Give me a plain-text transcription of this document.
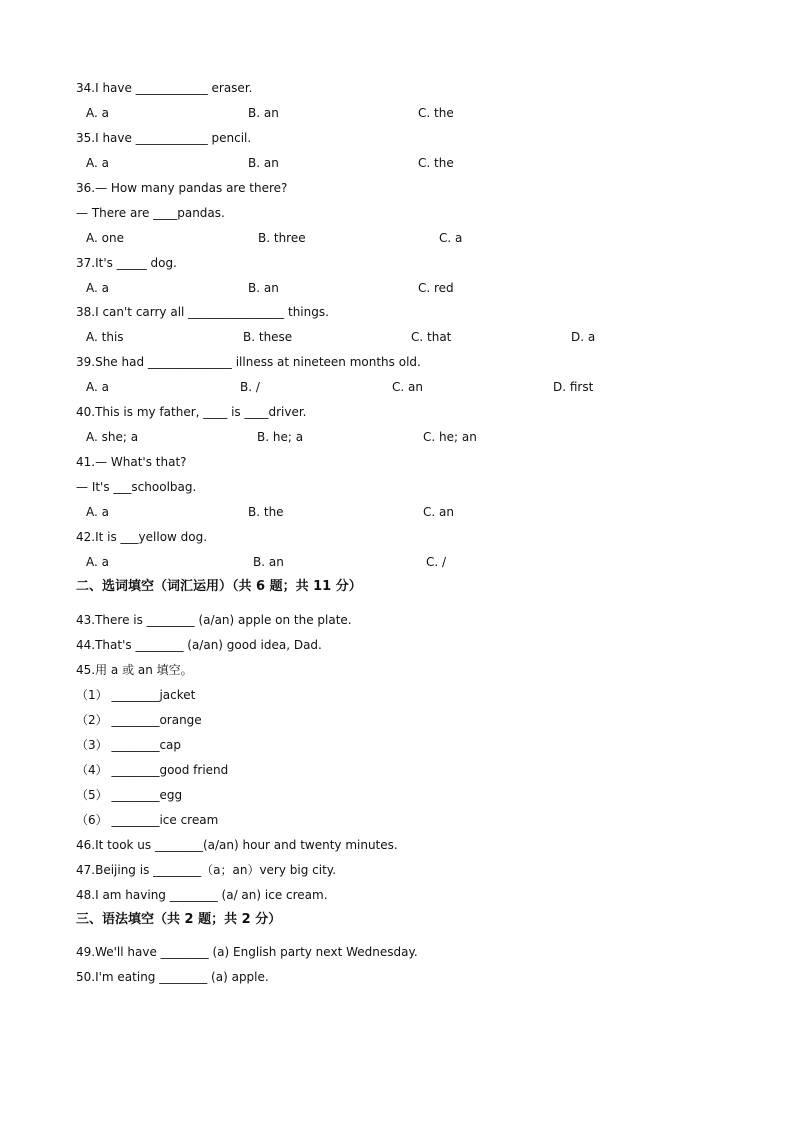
34.I have ____________ eraser.
A. a	B. an	C. the
35.I have ____________ pencil.
A. a	B. an	C. the
36.— How many pandas are there?
— There are ____pandas.
A. one	B. three	C. a
37.It's _____ dog.
A. a	B. an	C. red
38.I can't carry all ________________ things.
A. this	B. these	C. that	D. a
39.She had ______________ illness at nineteen months old.
A. a	B. /	C. an	D. first
40.This is my father, ____ is ____driver.
A. she; a	B. he; a	C. he; an
41.— What's that?
— It's ___schoolbag.
A. a	B. the	C. an
42.It is ___yellow dog.
A. a	B. an	C. /
二、选词填空（词汇运用）（共 6 题；共 11 分）
43.There is ________ (a/an) apple on the plate.
44.That's ________ (a/an) good idea, Dad.
45.用 a 或 an 填空。
（1） ________jacket
（2） ________orange
（3） ________cap
（4） ________good friend
（5） ________egg
（6） ________ice cream
46.It took us ________(a/an) hour and twenty minutes.
47.Beijing is ________（a；an）very big city.
48.I am having ________ (a/ an) ice cream.
三、语法填空（共 2 题；共 2 分）
49.We'll have ________ (a) English party next Wednesday.
50.I'm eating ________ (a) apple.
